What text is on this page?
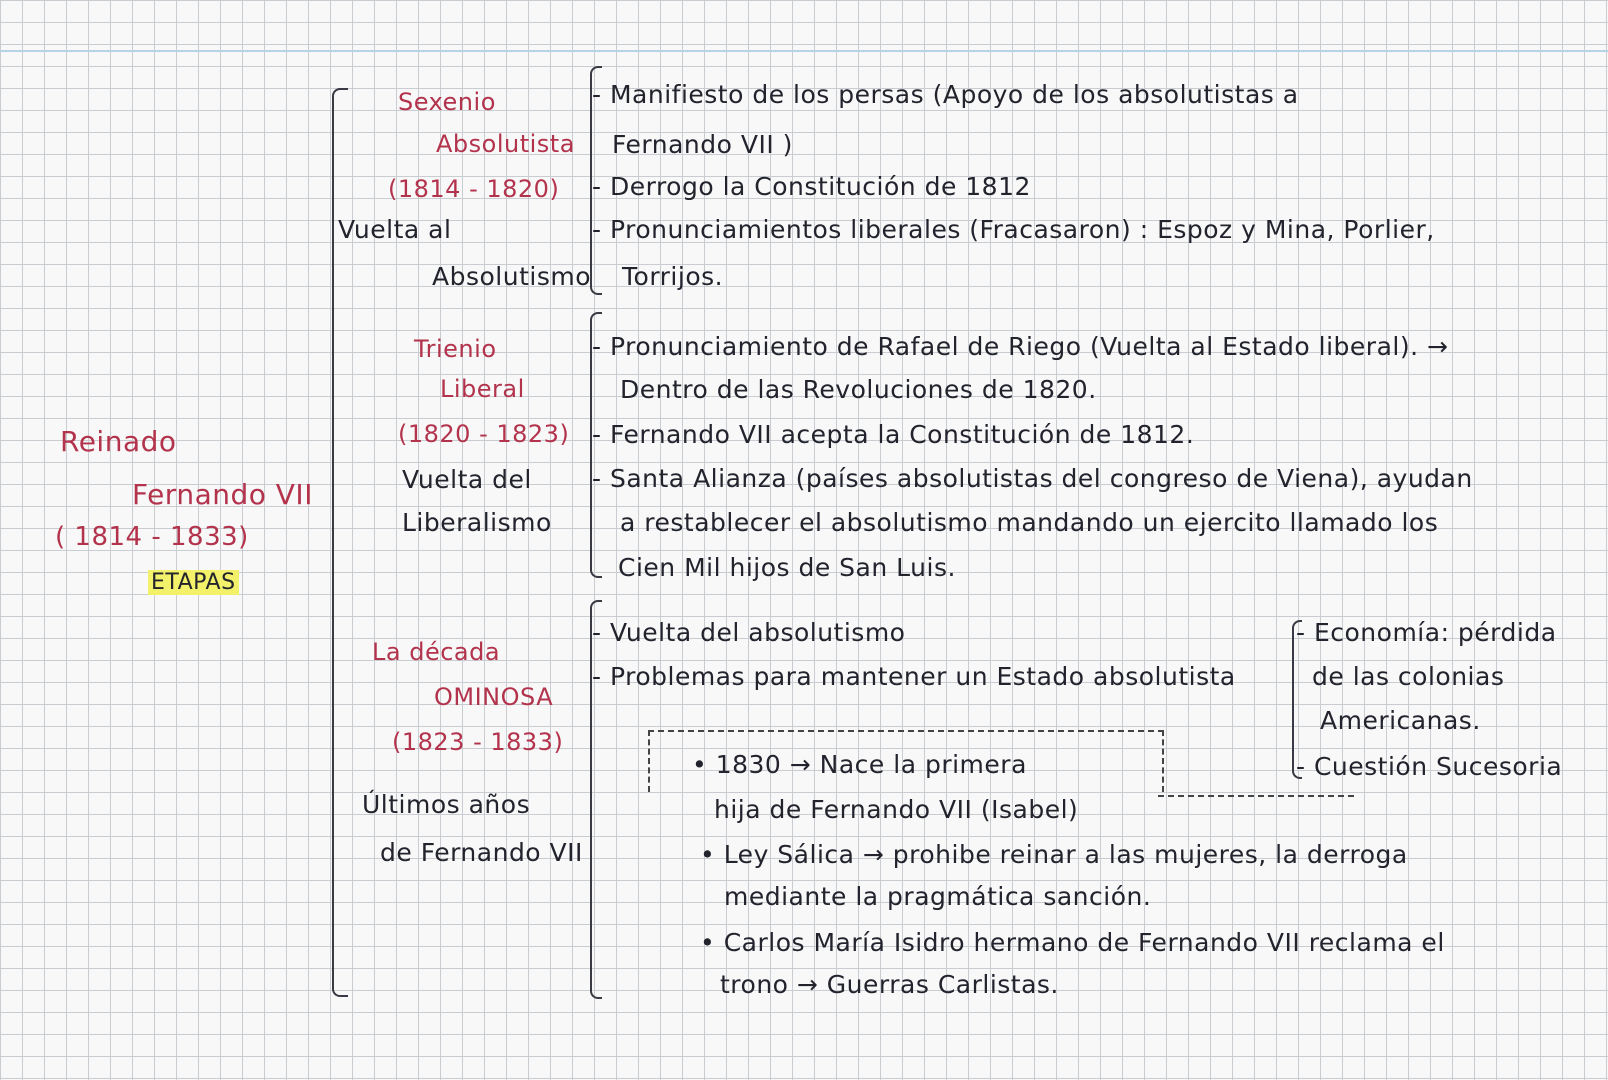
Reinado
Fernando VII
( 1814 - 1833)
ETAPAS
Sexenio
Absolutista
(1814 - 1820)
Vuelta al
Absolutismo
- Manifiesto de los persas (Apoyo de los absolutistas a
Fernando VII )
- Derrogo la Constitución de 1812
- Pronunciamientos liberales (Fracasaron) : Espoz y Mina, Porlier,
Torrijos.
Trienio
Liberal
(1820 - 1823)
Vuelta del
Liberalismo
- Pronunciamiento de Rafael de Riego (Vuelta al Estado liberal). →
Dentro de las Revoluciones de 1820.
- Fernando VII acepta la Constitución de 1812.
- Santa Alianza (países absolutistas del congreso de Viena), ayudan
a restablecer el absolutismo mandando un ejercito llamado los
Cien Mil hijos de San Luis.
La década
OMINOSA
(1823 - 1833)
Últimos años
de Fernando VII
- Vuelta del absolutismo
- Problemas para mantener un Estado absolutista
- Economía: pérdida
de las colonias
Americanas.
- Cuestión Sucesoria
• 1830 → Nace la primera
hija de Fernando VII (Isabel)
• Ley Sálica → prohibe reinar a las mujeres, la derroga
mediante la pragmática sanción.
• Carlos María Isidro hermano de Fernando VII reclama el
trono → Guerras Carlistas.
